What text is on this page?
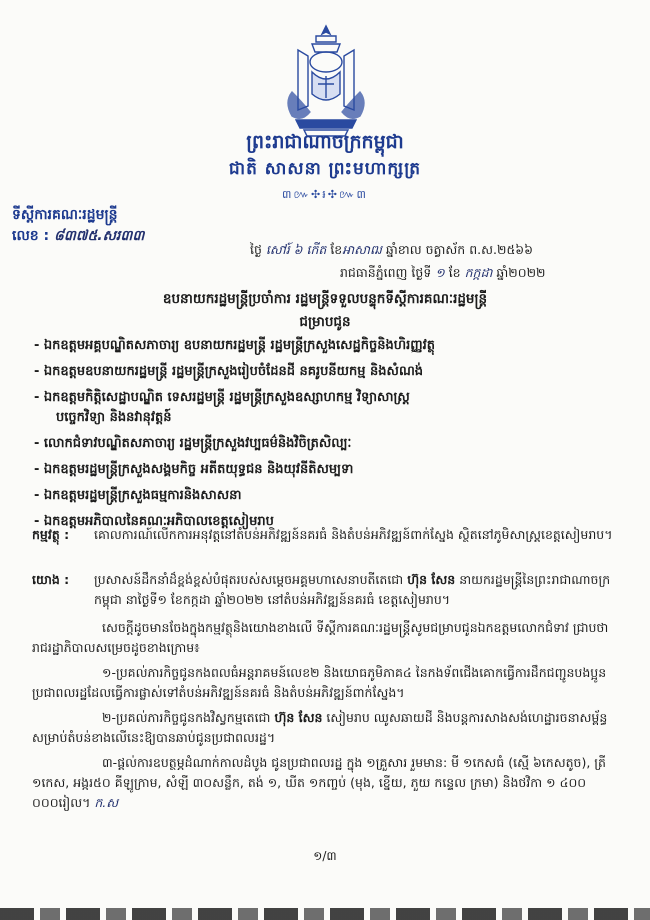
ព្រះរាជាណាចក្រកម្ពុជា
ជាតិ សាសនា ព្រះមហាក្សត្រ
៣៚✣៛✣៚៣
ទីស្ដីការគណៈរដ្ឋមន្ត្រី
លេខ : ៨៣៧៥.សរ៣៣
ថ្ងៃ សៅរ៍ ៦ កើត ខែអាសាឍ ឆ្នាំខាល ចត្វាស័ក ព.ស.២៥៦៦
រាជធានីភ្នំពេញ ថ្ងៃទី ១ ខែ កក្កដា ឆ្នាំ២០២២
ឧបនាយករដ្ឋមន្ត្រីប្រចាំការ រដ្ឋមន្ត្រីទទួលបន្ទុកទីស្ដីការគណៈរដ្ឋមន្ត្រី
ជម្រាបជូន
- ឯកឧត្តមអគ្គបណ្ឌិតសភាចារ្យ ឧបនាយករដ្ឋមន្ត្រី រដ្ឋមន្ត្រីក្រសួងសេដ្ឋកិច្ចនិងហិរញ្ញវត្ថុ
- ឯកឧត្តមឧបនាយករដ្ឋមន្ត្រី រដ្ឋមន្ត្រីក្រសួងរៀបចំដែនដី នគរូបនីយកម្ម និងសំណង់
- ឯកឧត្តមកិត្តិសេដ្ឋាបណ្ឌិត ទេសរដ្ឋមន្ត្រី រដ្ឋមន្ត្រីក្រសួងឧស្សាហកម្ម វិទ្យាសាស្ត្រ
បច្ចេកវិទ្យា និងនវានុវត្តន៍
- លោកជំទាវបណ្ឌិតសភាចារ្យ រដ្ឋមន្ត្រីក្រសួងវប្បធម៌និងវិចិត្រសិល្បៈ
- ឯកឧត្តមរដ្ឋមន្ត្រីក្រសួងសង្គមកិច្ច អតីតយុទ្ធជន និងយុវនីតិសម្បទា
- ឯកឧត្តមរដ្ឋមន្ត្រីក្រសួងធម្មការនិងសាសនា
- ឯកឧត្តមអភិបាលនៃគណៈអភិបាលខេត្តសៀមរាប
កម្មវត្ថុ : គោលការណ៍លើកការអនុវត្តនៅតំបន់អភិវឌ្ឍន៍នគរធំ និងតំបន់អភិវឌ្ឍន៍ពាក់ស្នែង ស្ថិតនៅភូមិសាស្ត្រខេត្តសៀមរាប។
យោង : ប្រសាសន៍ដឹកនាំដ៏ខ្ពង់ខ្ពស់បំផុតរបស់សម្ដេចអគ្គមហាសេនាបតីតេជោ ហ៊ុន សែន នាយករដ្ឋមន្ត្រីនៃព្រះរាជាណាចក្រកម្ពុជា នាថ្ងៃទី១ ខែកក្កដា ឆ្នាំ២០២២ នៅតំបន់អភិវឌ្ឍន៍នគរធំ ខេត្តសៀមរាប។
សេចក្ដីដូចមានចែងក្នុងកម្មវត្ថុនិងយោងខាងលើ ទីស្ដីការគណៈរដ្ឋមន្ត្រីសូមជម្រាបជូនឯកឧត្តមលោកជំទាវ ជ្រាបថា រាជរដ្ឋាភិបាលសម្រេចដូចខាងក្រោម៖
១-ប្រគល់ភារកិច្ចជូនកងពលធំអន្តរាគមន៍លេខ២ និងយោធភូមិភាគ៤ នៃកងទ័ពជើងគោកធ្វើការដឹកជញ្ជូនបងប្អូនប្រជាពលរដ្ឋដែលធ្វើការផ្លាស់ទៅតំបន់អភិវឌ្ឍន៍នគរធំ និងតំបន់អភិវឌ្ឍន៍ពាក់ស្នែង។
២-ប្រគល់ភារកិច្ចជូនកងវិស្វកម្មតេជោ ហ៊ុន សែន សៀមរាប ឈូសឆាយដី និងបន្តការសាងសង់ហេដ្ឋារចនាសម្ព័ន្ធ សម្រាប់តំបន់ខាងលើនេះឱ្យបានឆាប់ជូនប្រជាពលរដ្ឋ។
៣-ផ្ដល់ការឧបត្ថម្ភដំណាក់កាលដំបូង ជូនប្រជាពលរដ្ឋ ក្នុង ១គ្រួសារ រួមមាន: មី ១កេសធំ (ស្មើ ៦កេសតូច), ត្រី ១កេស, អង្ករ៥០ គីឡូក្រាម, សំឡី ៣០សន្លឹក, តង់ ១, ឃីត ១កញ្ចប់ (មុង, ខ្នើយ, ភួយ កន្ទេល ក្រមា) និងថវិកា ១ ៤០០ ០០០រៀល។ ក.ស
១/៣
